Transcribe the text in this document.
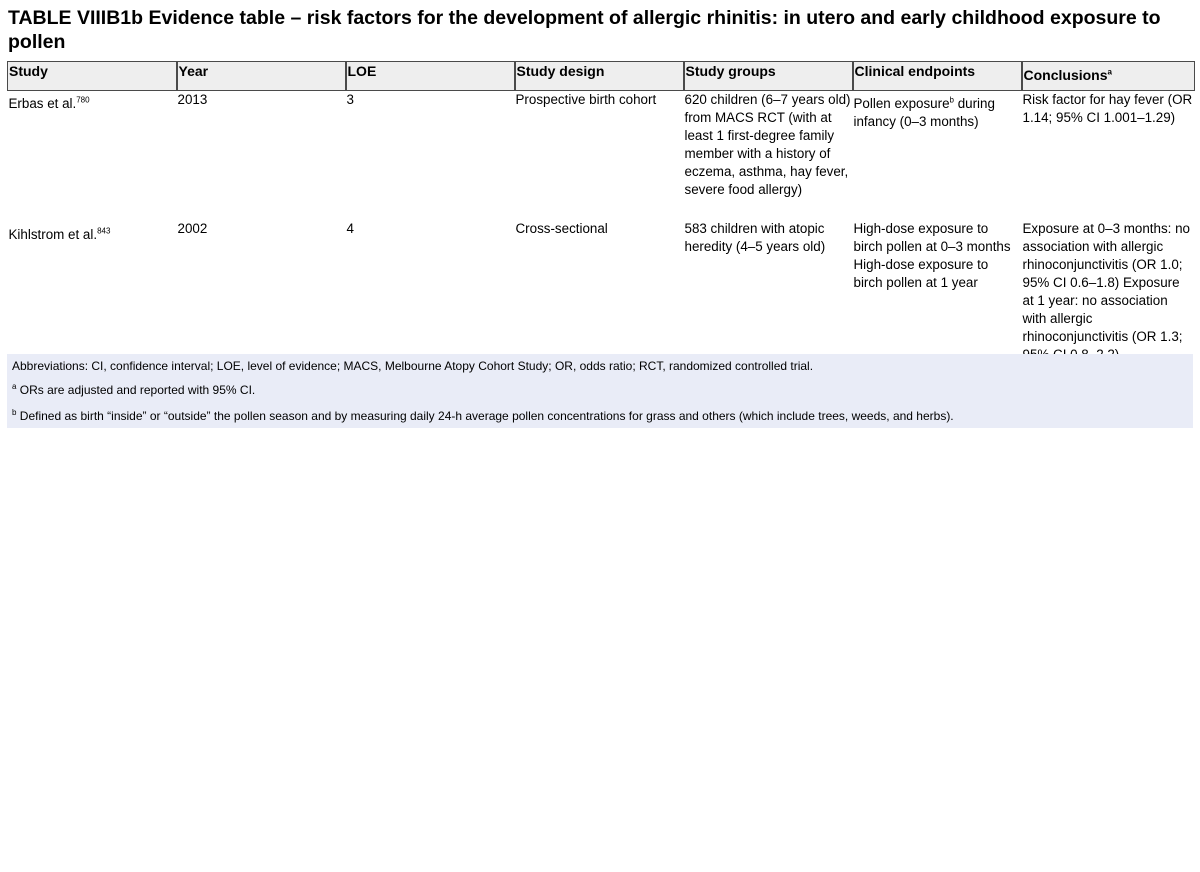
TABLE VIIIB1b Evidence table – risk factors for the development of allergic rhinitis: in utero and early childhood exposure to pollen
Study	Year	LOE	Study design	Study groups	Clinical endpoints	Conclusions$^a$
Erbas et al.$^{780}$	2013	3	Prospective birth cohort	620 children (6–7 years old) from MACS RCT (with at least 1 first-degree family member with a history of eczema, asthma, hay fever, severe food allergy)	Pollen exposure$^b$ during infancy (0–3 months)	Risk factor for hay fever (OR 1.14; 95% CI 1.001–1.29)
Kihlstrom et al.$^{843}$	2002	4	Cross-sectional	583 children with atopic heredity (4–5 years old)	High-dose exposure to birch pollen at 0–3 months High-dose exposure to birch pollen at 1 year	Exposure at 0–3 months: no association with allergic rhinoconjunctivitis (OR 1.0; 95% CI 0.6–1.8) Exposure at 1 year: no association with allergic rhinoconjunctivitis (OR 1.3;
Abbreviations: CI, confidence interval; LOE, level of evidence; MACS, Melbourne Atopy Cohort Study; OR, odds ratio; RCT, randomized controlled trial.
$^a$ ORs are adjusted and reported with 95% CI.
$^b$ Defined as birth “inside” or “outside” the pollen season and by measuring daily 24-h average pollen concentrations for grass and others (which include trees, weeds, and herbs).
